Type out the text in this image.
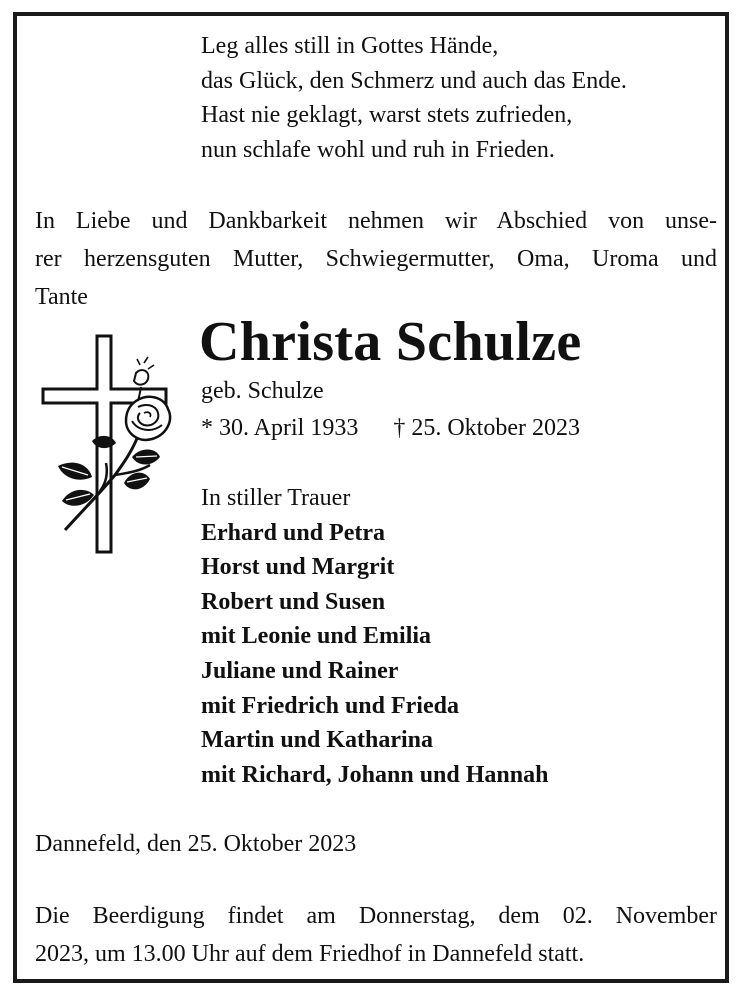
Leg alles still in Gottes Hände,
das Glück, den Schmerz und auch das Ende.
Hast nie geklagt, warst stets zufrieden,
nun schlafe wohl und ruh in Frieden.
In Liebe und Dankbarkeit nehmen wir Abschied von unse-
rer herzensguten Mutter, Schwiegermutter, Oma, Uroma und
Tante
Christa Schulze
geb. Schulze
* 30. April 1933 † 25. Oktober 2023
In stiller Trauer
Erhard und Petra
Horst und Margrit
Robert und Susen
mit Leonie und Emilia
Juliane und Rainer
mit Friedrich und Frieda
Martin und Katharina
mit Richard, Johann und Hannah
Dannefeld, den 25. Oktober 2023
Die Beerdigung findet am Donnerstag, dem 02. November
2023, um 13.00 Uhr auf dem Friedhof in Dannefeld statt.
